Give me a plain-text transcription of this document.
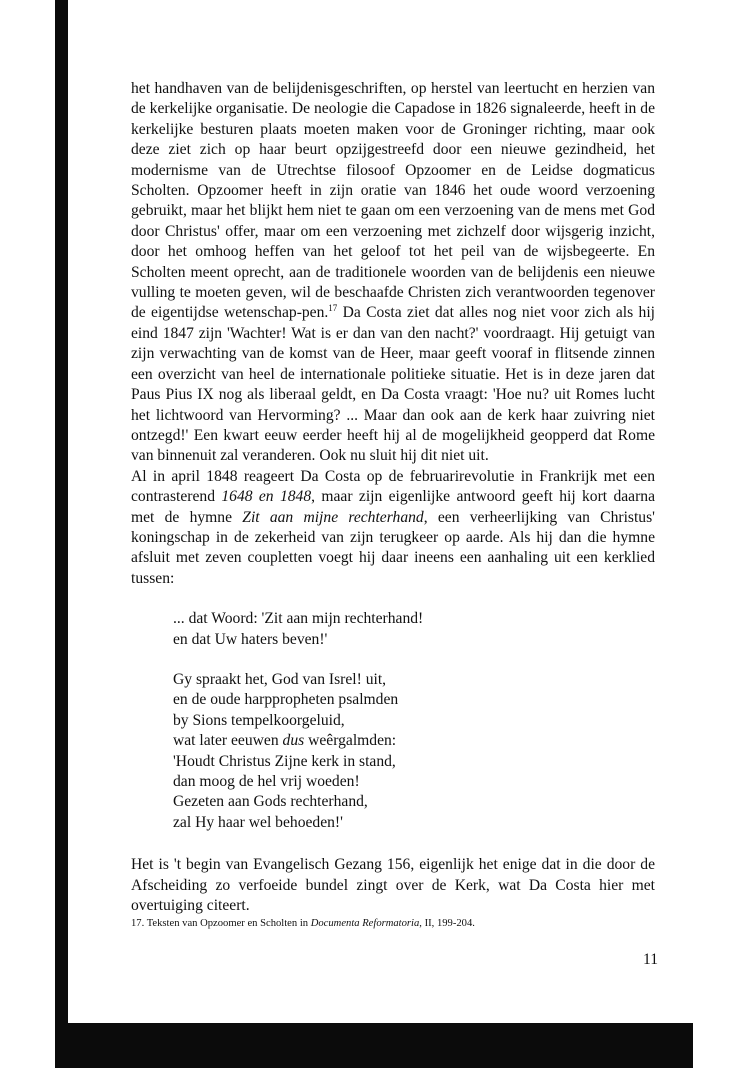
het handhaven van de belijdenisgeschriften, op herstel van leertucht en herzien van de kerkelijke organisatie. De neologie die Capadose in 1826 signaleerde, heeft in de kerkelijke besturen plaats moeten maken voor de Groninger richting, maar ook deze ziet zich op haar beurt opzijgestreefd door een nieuwe gezindheid, het modernisme van de Utrechtse filosoof Opzoomer en de Leidse dogmaticus Scholten. Opzoomer heeft in zijn oratie van 1846 het oude woord verzoening gebruikt, maar het blijkt hem niet te gaan om een verzoening van de mens met God door Christus' offer, maar om een verzoening met zichzelf door wijsgerig inzicht, door het omhoog heffen van het geloof tot het peil van de wijsbegeerte. En Scholten meent oprecht, aan de traditionele woorden van de belijdenis een nieuwe vulling te moeten geven, wil de beschaafde Christen zich verantwoorden tegenover de eigentijdse wetenschap-pen.$^{17}$ Da Costa ziet dat alles nog niet voor zich als hij eind 1847 zijn 'Wachter! Wat is er dan van den nacht?' voordraagt. Hij getuigt van zijn verwachting van de komst van de Heer, maar geeft vooraf in flitsende zinnen een overzicht van heel de internationale politieke situatie. Het is in deze jaren dat Paus Pius IX nog als liberaal geldt, en Da Costa vraagt: 'Hoe nu? uit Romes lucht het lichtwoord van Hervorming? ... Maar dan ook aan de kerk haar zuivring niet ontzegd!' Een kwart eeuw eerder heeft hij al de mogelijkheid geopperd dat Rome van binnenuit zal veranderen. Ook nu sluit hij dit niet uit.

Al in april 1848 reageert Da Costa op de februarirevolutie in Frankrijk met een contrasterend 1648 en 1848, maar zijn eigenlijke antwoord geeft hij kort daarna met de hymne Zit aan mijne rechterhand, een verheerlijking van Christus' koningschap in de zekerheid van zijn terugkeer op aarde. Als hij dan die hymne afsluit met zeven coupletten voegt hij daar ineens een aanhaling uit een kerklied tussen:

... dat Woord: 'Zit aan mijn rechterhand!
en dat Uw haters beven!'
Gy spraakt het, God van Isrel! uit,
en de oude harppropheten psalmden
by Sions tempelkoorgeluid,
wat later eeuwen dus weêrgalmden:
'Houdt Christus Zijne kerk in stand,
dan moog de hel vrij woeden!
Gezeten aan Gods rechterhand,
zal Hy haar wel behoeden!'

Het is 't begin van Evangelisch Gezang 156, eigenlijk het enige dat in die door de Afscheiding zo verfoeide bundel zingt over de Kerk, wat Da Costa hier met overtuiging citeert.

17. Teksten van Opzoomer en Scholten in Documenta Reformatoria, II, 199-204.
11
